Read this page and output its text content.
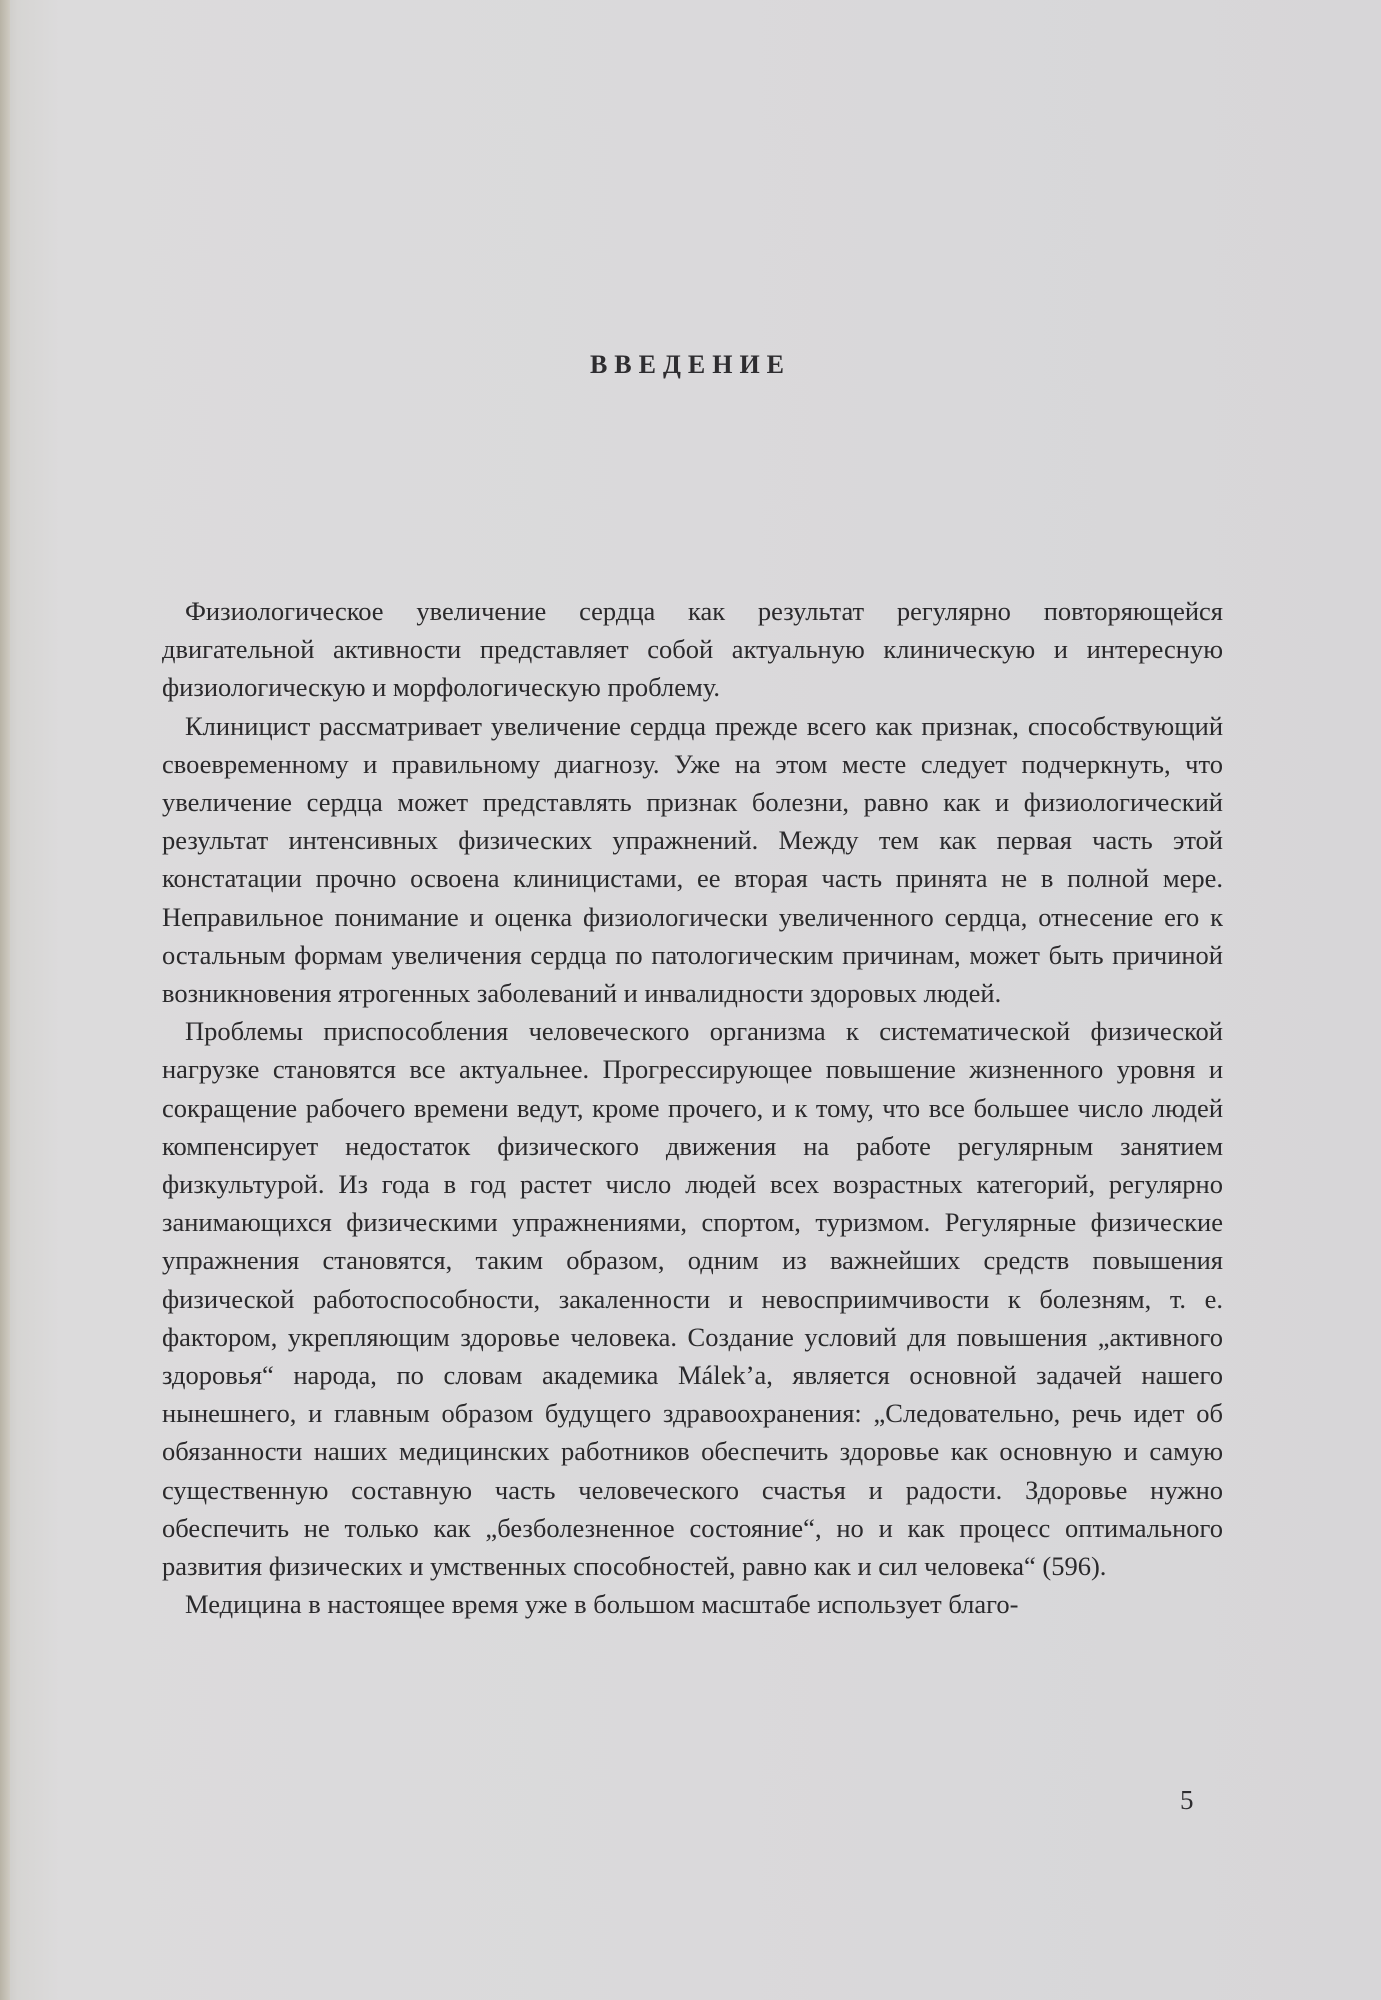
ВВЕДЕНИЕ

Физиологическое увеличение сердца как результат регулярно повторяющейся двигательной активности представляет собой актуальную клиническую и интересную физиологическую и морфологическую проблему.

Клиницист рассматривает увеличение сердца прежде всего как признак, способствующий своевременному и правильному диагнозу. Уже на этом месте следует подчеркнуть, что увеличение сердца может представлять признак болезни, равно как и физиологический результат интенсивных физических упражнений. Между тем как первая часть этой констатации прочно освоена клиницистами, ее вторая часть принята не в полной мере. Неправильное понимание и оценка физиологически увеличенного сердца, отнесение его к остальным формам увеличения сердца по патологическим причинам, может быть причиной возникновения ятрогенных заболеваний и инвалидности здоровых людей.

Проблемы приспособления человеческого организма к систематической физической нагрузке становятся все актуальнее. Прогрессирующее повышение жизненного уровня и сокращение рабочего времени ведут, кроме прочего, и к тому, что все большее число людей компенсирует недостаток физического движения на работе регулярным занятием физкультурой. Из года в год растет число людей всех возрастных категорий, регулярно занимающихся физическими упражнениями, спортом, туризмом. Регулярные физические упражнения становятся, таким образом, одним из важнейших средств повышения физической работоспособности, закаленности и невосприимчивости к болезням, т. е. фактором, укрепляющим здоровье человека. Создание условий для повышения „активного здоровья“ народа, по словам академика Málek’a, является основной задачей нашего нынешнего, и главным образом будущего здравоохранения: „Следовательно, речь идет об обязанности наших медицинских работников обеспечить здоровье как основную и самую существенную составную часть человеческого счастья и радости. Здоровье нужно обеспечить не только как „безболезненное состояние“, но и как процесс оптимального развития физических и умственных способностей, равно как и сил человека“ (596).

Медицина в настоящее время уже в большом масштабе использует благо-

5
